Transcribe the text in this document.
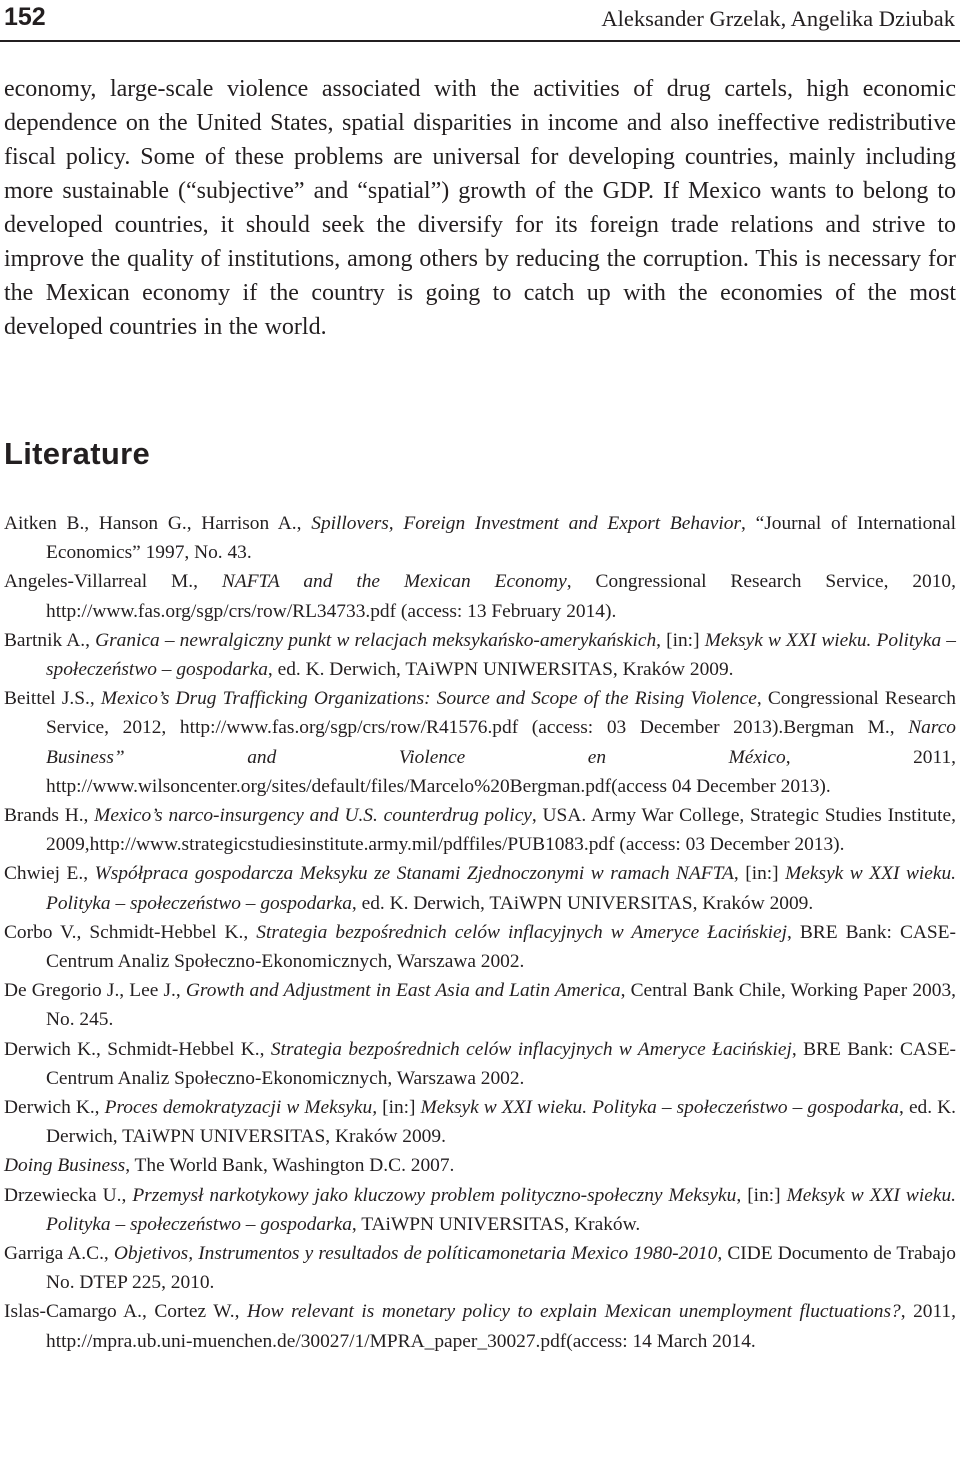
152	Aleksander Grzelak, Angelika Dziubak

economy, large-scale violence associated with the activities of drug cartels, high economic dependence on the United States, spatial disparities in income and also ineffective redistributive fiscal policy. Some of these problems are universal for developing countries, mainly including more sustainable (“subjective” and “spatial”) growth of the GDP. If Mexico wants to belong to developed countries, it should seek the diversify for its foreign trade relations and strive to improve the quality of institutions, among others by reducing the corruption. This is necessary for the Mexican economy if the country is going to catch up with the economies of the most developed countries in the world.

Literature
Aitken B., Hanson G., Harrison A., Spillovers, Foreign Investment and Export Behavior, “Journal of International Economics” 1997, No. 43.
Angeles-Villarreal M., NAFTA and the Mexican Economy, Congressional Research Service, 2010, http://www.fas.org/sgp/crs/row/RL34733.pdf (access: 13 February 2014).
Bartnik A., Granica – newralgiczny punkt w relacjach meksykańsko-amerykańskich, [in:] Meksyk w XXI wieku. Polityka – społeczeństwo – gospodarka, ed. K. Derwich, TAiWPN UNIWERSITAS, Kraków 2009.
Beittel J.S., Mexico’s Drug Trafficking Organizations: Source and Scope of the Rising Violence, Congressional Research Service, 2012, http://www.fas.org/sgp/crs/row/R41576.pdf (access: 03 December 2013).Bergman M., Narco Business” and Violence en México, 2011, http://www.wilsoncenter.org/sites/default/files/Marcelo%20Bergman.pdf(access 04 December 2013).
Brands H., Mexico’s narco-insurgency and U.S. counterdrug policy, USA. Army War College, Strategic Studies Institute, 2009,http://www.strategicstudiesinstitute.army.mil/pdffiles/PUB1083.pdf (access: 03 December 2013).
Chwiej E., Współpraca gospodarcza Meksyku ze Stanami Zjednoczonymi w ramach NAFTA, [in:] Meksyk w XXI wieku. Polityka – społeczeństwo – gospodarka, ed. K. Derwich, TAiWPN UNIVERSITAS, Kraków 2009.
Corbo V., Schmidt-Hebbel K., Strategia bezpośrednich celów inflacyjnych w Ameryce Łacińskiej, BRE Bank: CASE-Centrum Analiz Społeczno-Ekonomicznych, Warszawa 2002.
De Gregorio J., Lee J., Growth and Adjustment in East Asia and Latin America, Central Bank Chile, Working Paper 2003, No. 245.
Derwich K., Schmidt-Hebbel K., Strategia bezpośrednich celów inflacyjnych w Ameryce Łacińskiej, BRE Bank: CASE-Centrum Analiz Społeczno-Ekonomicznych, Warszawa 2002.
Derwich K., Proces demokratyzacji w Meksyku, [in:] Meksyk w XXI wieku. Polityka – społeczeństwo – gospodarka, ed. K. Derwich, TAiWPN UNIVERSITAS, Kraków 2009.
Doing Business, The World Bank, Washington D.C. 2007.
Drzewiecka U., Przemysł narkotykowy jako kluczowy problem polityczno-społeczny Meksyku, [in:] Meksyk w XXI wieku. Polityka – społeczeństwo – gospodarka, TAiWPN UNIVERSITAS, Kraków.
Garriga A.C., Objetivos, Instrumentos y resultados de políticamonetaria Mexico 1980-2010, CIDE Documento de Trabajo No. DTEP 225, 2010.
Islas-Camargo A., Cortez W., How relevant is monetary policy to explain Mexican unemployment fluctuations?, 2011, http://mpra.ub.uni-muenchen.de/30027/1/MPRA_paper_30027.pdf(access: 14 March 2014.
